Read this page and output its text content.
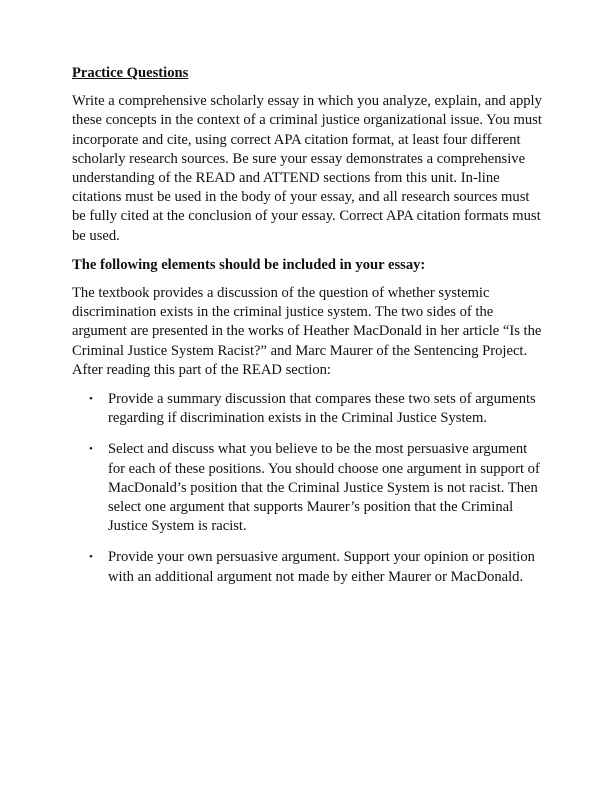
Practice Questions

Write a comprehensive scholarly essay in which you analyze, explain, and apply these concepts in the context of a criminal justice organizational issue. You must incorporate and cite, using correct APA citation format, at least four different scholarly research sources. Be sure your essay demonstrates a comprehensive understanding of the READ and ATTEND sections from this unit. In-line citations must be used in the body of your essay, and all research sources must be fully cited at the conclusion of your essay. Correct APA citation formats must be used.

The following elements should be included in your essay:

The textbook provides a discussion of the question of whether systemic discrimination exists in the criminal justice system. The two sides of the argument are presented in the works of Heather MacDonald in her article “Is the Criminal Justice System Racist?” and Marc Maurer of the Sentencing Project. After reading this part of the READ section:

• Provide a summary discussion that compares these two sets of arguments regarding if discrimination exists in the Criminal Justice System.
• Select and discuss what you believe to be the most persuasive argument for each of these positions. You should choose one argument in support of MacDonald’s position that the Criminal Justice System is not racist. Then select one argument that supports Maurer’s position that the Criminal Justice System is racist.
• Provide your own persuasive argument. Support your opinion or position with an additional argument not made by either Maurer or MacDonald.
